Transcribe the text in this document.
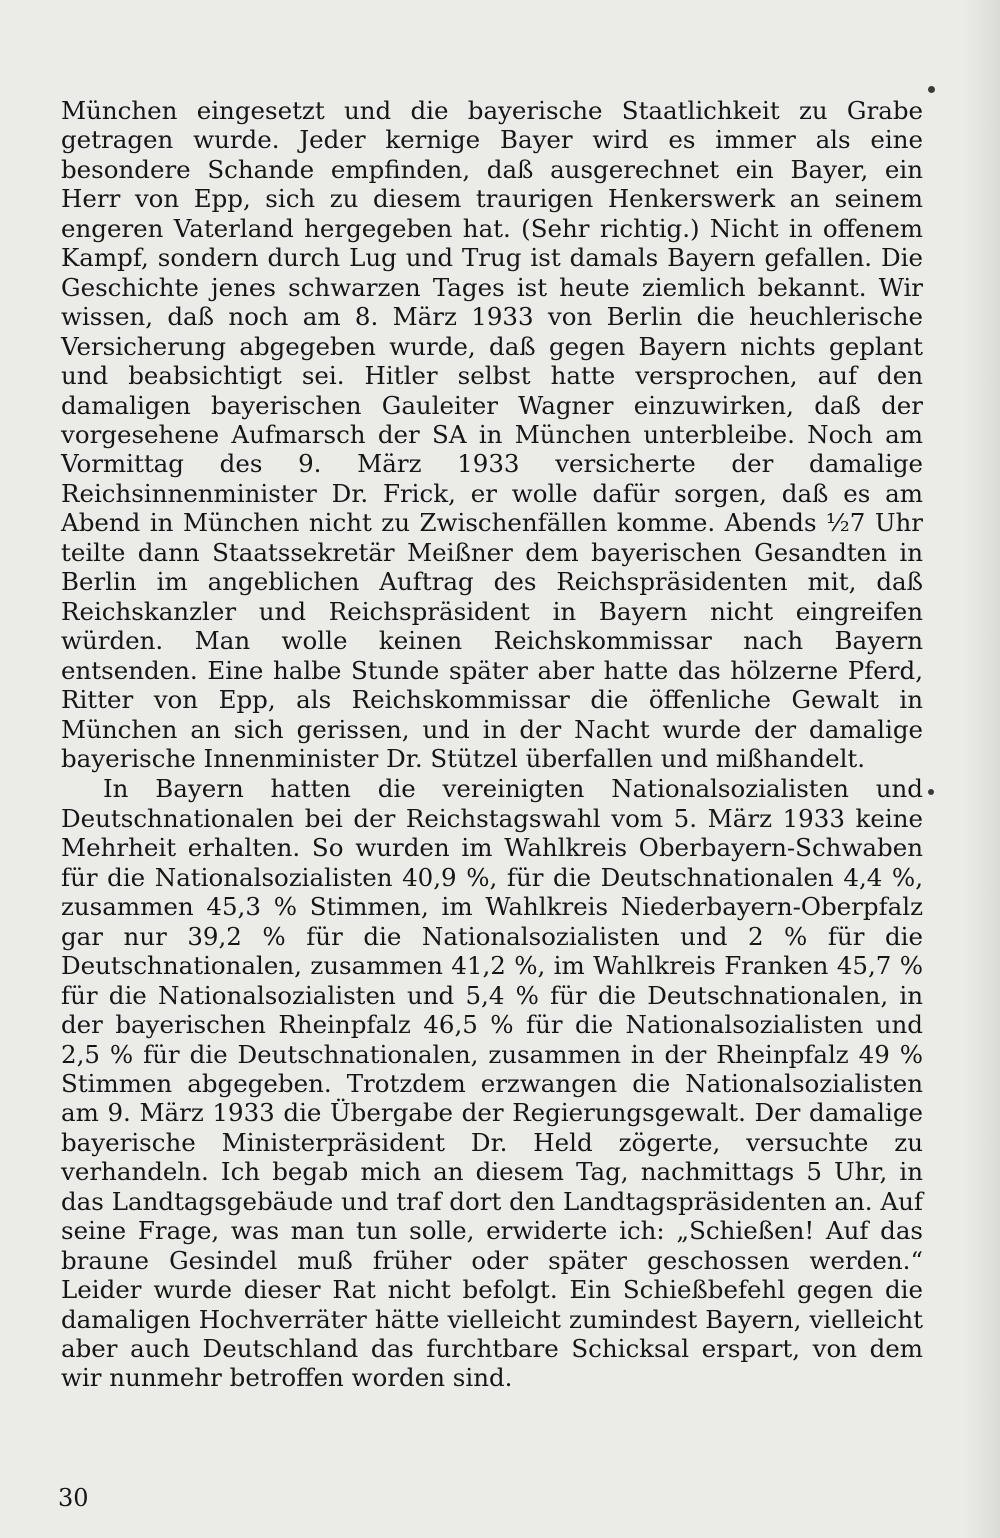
München eingesetzt und die bayerische Staatlichkeit zu Grabe getragen wurde. Jeder kernige Bayer wird es immer als eine besondere Schande empfinden, daß ausgerechnet ein Bayer, ein Herr von Epp, sich zu diesem traurigen Henkerswerk an seinem engeren Vaterland hergegeben hat. (Sehr richtig.) Nicht in offenem Kampf, sondern durch Lug und Trug ist damals Bayern gefallen. Die Geschichte jenes schwarzen Tages ist heute ziemlich bekannt. Wir wissen, daß noch am 8. März 1933 von Berlin die heuchlerische Versicherung abgegeben wurde, daß gegen Bayern nichts geplant und beabsichtigt sei. Hitler selbst hatte versprochen, auf den damaligen bayerischen Gauleiter Wagner einzuwirken, daß der vorgesehene Aufmarsch der SA in München unterbleibe. Noch am Vormittag des 9. März 1933 versicherte der damalige Reichsinnenminister Dr. Frick, er wolle dafür sorgen, daß es am Abend in München nicht zu Zwischenfällen komme. Abends ½7 Uhr teilte dann Staatssekretär Meißner dem bayerischen Gesandten in Berlin im angeblichen Auftrag des Reichspräsidenten mit, daß Reichskanzler und Reichspräsident in Bayern nicht eingreifen würden. Man wolle keinen Reichskommissar nach Bayern entsenden. Eine halbe Stunde später aber hatte das hölzerne Pferd, Ritter von Epp, als Reichskommissar die öffenliche Gewalt in München an sich gerissen, und in der Nacht wurde der damalige bayerische Innenminister Dr. Stützel überfallen und mißhandelt.

In Bayern hatten die vereinigten Nationalsozialisten und Deutschnationalen bei der Reichstagswahl vom 5. März 1933 keine Mehrheit erhalten. So wurden im Wahlkreis Oberbayern-Schwaben für die Nationalsozialisten 40,9 %, für die Deutschnationalen 4,4 %, zusammen 45,3 % Stimmen, im Wahlkreis Niederbayern-Oberpfalz gar nur 39,2 % für die Nationalsozialisten und 2 % für die Deutschnationalen, zusammen 41,2 %, im Wahlkreis Franken 45,7 % für die Nationalsozialisten und 5,4 % für die Deutschnationalen, in der bayerischen Rheinpfalz 46,5 % für die Nationalsozialisten und 2,5 % für die Deutschnationalen, zusammen in der Rheinpfalz 49 % Stimmen abgegeben. Trotzdem erzwangen die Nationalsozialisten am 9. März 1933 die Übergabe der Regierungsgewalt. Der damalige bayerische Ministerpräsident Dr. Held zögerte, versuchte zu verhandeln. Ich begab mich an diesem Tag, nachmittags 5 Uhr, in das Landtagsgebäude und traf dort den Landtagspräsidenten an. Auf seine Frage, was man tun solle, erwiderte ich: „Schießen! Auf das braune Gesindel muß früher oder später geschossen werden.“ Leider wurde dieser Rat nicht befolgt. Ein Schießbefehl gegen die damaligen Hochverräter hätte vielleicht zumindest Bayern, vielleicht aber auch Deutschland das furchtbare Schicksal erspart, von dem wir nunmehr betroffen worden sind.

30
